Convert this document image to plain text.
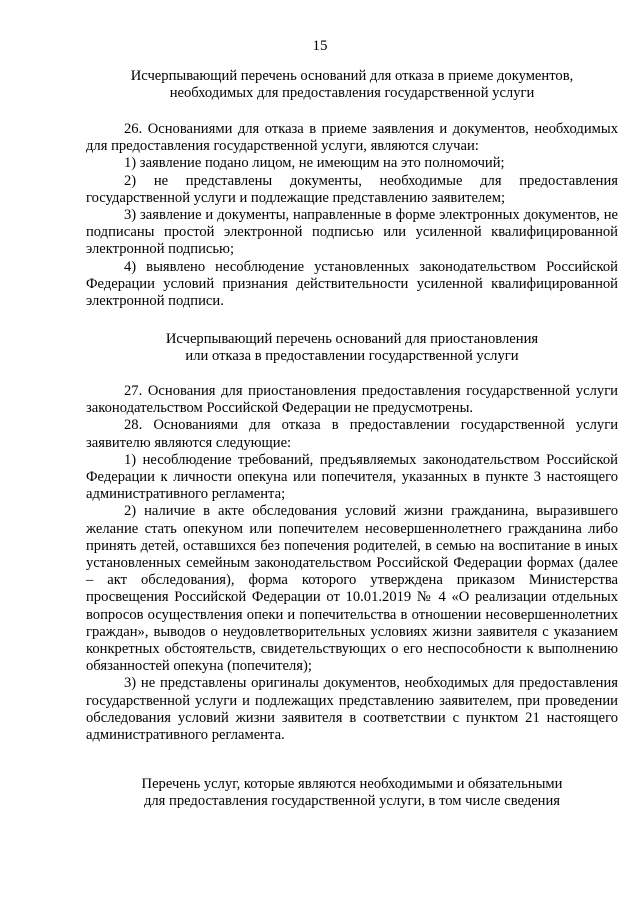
15
Исчерпывающий перечень оснований для отказа в приеме документов,
необходимых для предоставления государственной услуги

26. Основаниями для отказа в приеме заявления и документов, необходимых для предоставления государственной услуги, являются случаи:

1) заявление подано лицом, не имеющим на это полномочий;

2) не представлены документы, необходимые для предоставления государственной услуги и подлежащие представлению заявителем;

3) заявление и документы, направленные в форме электронных документов, не подписаны простой электронной подписью или усиленной квалифицированной электронной подписью;

4) выявлено несоблюдение установленных законодательством Российской Федерации условий признания действительности усиленной квалифицированной электронной подписи.

Исчерпывающий перечень оснований для приостановления
или отказа в предоставлении государственной услуги

27. Основания для приостановления предоставления государственной услуги законодательством Российской Федерации не предусмотрены.

28. Основаниями для отказа в предоставлении государственной услуги заявителю являются следующие:

1) несоблюдение требований, предъявляемых законодательством Российской Федерации к личности опекуна или попечителя, указанных в пункте 3 настоящего административного регламента;

2) наличие в акте обследования условий жизни гражданина, выразившего желание стать опекуном или попечителем несовершеннолетнего гражданина либо принять детей, оставшихся без попечения родителей, в семью на воспитание в иных установленных семейным законодательством Российской Федерации формах (далее – акт обследования), форма которого утверждена приказом Министерства просвещения Российской Федерации от 10.01.2019 № 4 «О реализации отдельных вопросов осуществления опеки и попечительства в отношении несовершеннолетних граждан», выводов о неудовлетворительных условиях жизни заявителя с указанием конкретных обстоятельств, свидетельствующих о его неспособности к выполнению обязанностей опекуна (попечителя);

3) не представлены оригиналы документов, необходимых для предоставления государственной услуги и подлежащих представлению заявителем, при проведении обследования условий жизни заявителя в соответствии с пунктом 21 настоящего административного регламента.

Перечень услуг, которые являются необходимыми и обязательными
для предоставления государственной услуги, в том числе сведения
